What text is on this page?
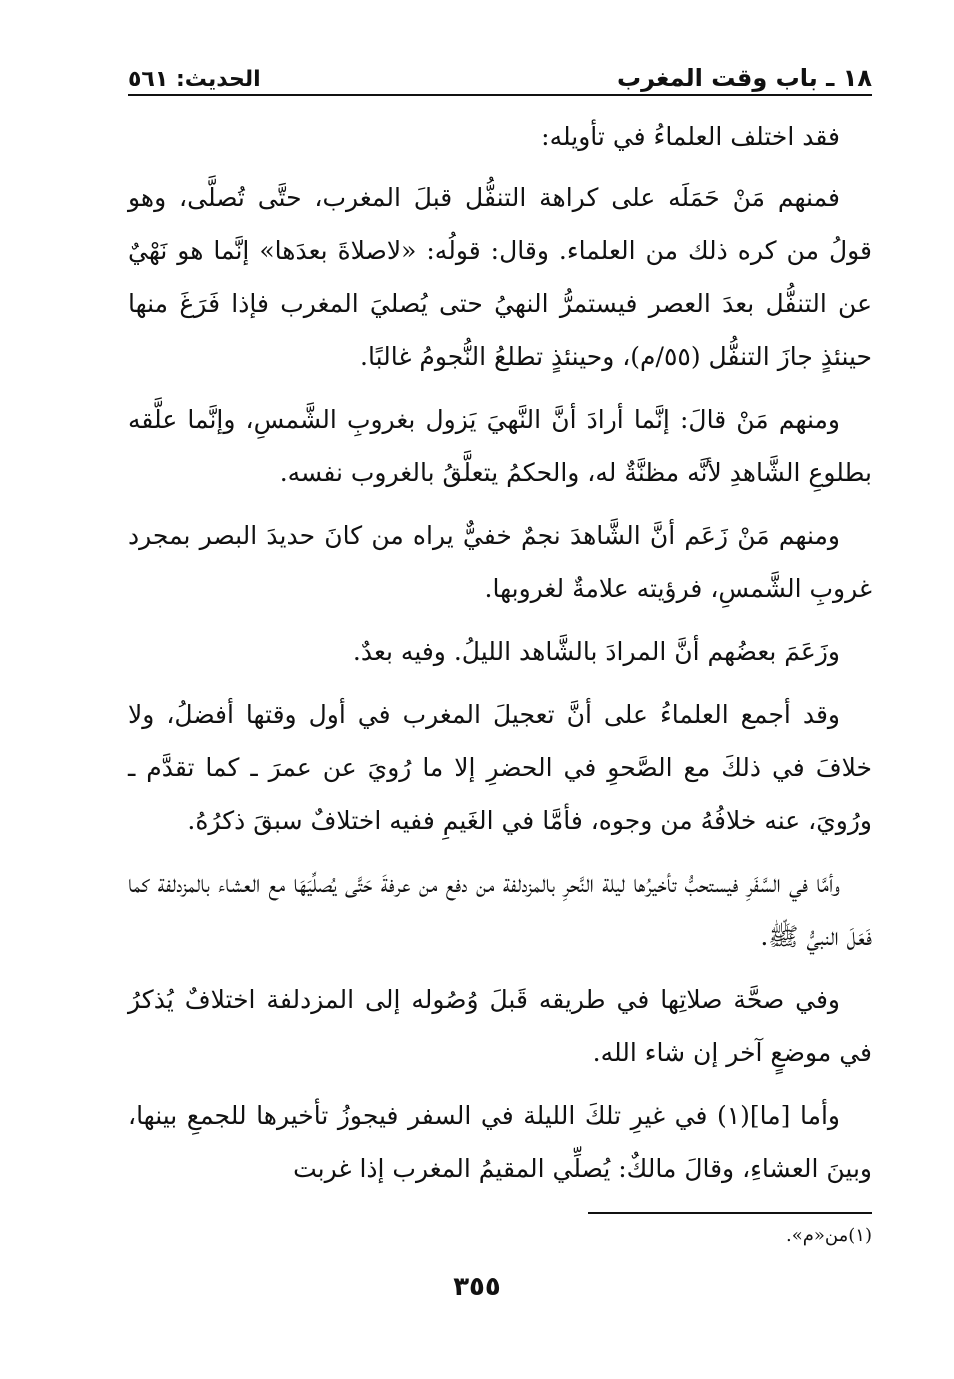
١٨ ـ باب وقت المغرب
الحديث: ٥٦١

فقد اختلف العلماءُ في تأويله:

فمنهم مَنْ حَمَلَه على كراهة التنفُّل قبلَ المغرب، حتَّى تُصلَّى، وهو قولُ من كره ذلك من العلماء. وقال: قولُه: «لاصلاةَ بعدَها» إنَّما هو نَهْيٌ عن التنفُّل بعدَ العصر فيستمرُّ النهيُ حتى يُصليَ المغرب فإذا فَرَغَ منها حينئذٍ جازَ التنفُّل (٥٥/م)، وحينئذٍ تطلعُ النُّجومُ غالبًا.

ومنهم مَنْ قالَ: إنَّما أرادَ أنَّ النَّهيَ يَزول بغروبِ الشَّمسِ، وإنَّما علَّقه بطلوعِ الشَّاهدِ لأنَّه مظنَّةٌ له، والحكمُ يتعلَّقُ بالغروب نفسه.

ومنهم مَنْ زَعَم أنَّ الشَّاهدَ نجمٌ خفيٌّ يراه من كانَ حديدَ البصر بمجرد غروبِ الشَّمسِ، فرؤيته علامةٌ لغروبها.

وزَعَمَ بعضُهم أنَّ المرادَ بالشَّاهد الليلُ. وفيه بعدٌ.

وقد أجمع العلماءُ على أنَّ تعجيلَ المغرب في أول وقتها أفضلُ، ولا خلافَ في ذلكَ مع الصَّحوِ في الحضرِ إلا ما رُويَ عن عمرَ ـ كما تقدَّم ـ ورُويَ، عنه خلافُهُ من وجوه، فأمَّا في الغَيمِ ففيه اختلافٌ سبقَ ذكرُهُ.

وأمَّا في السَّفَرِ فيستحبُّ تأخيرُها ليلة النَّحرِ بالمزدلفة من دفع من عرفةَ حَتَّى يُصلِّيَهَا مع العشاء بالمزدلفة كما فَعَلَ النبيُّ ﷺ.

وفي صحَّة صلاتِها في طريقه قَبلَ وُصُوله إلى المزدلفة اختلافٌ يُذكرُ في موضعٍ آخر إن شاء الله.

وأما [ما](١) في غيرِ تلكَ الليلة في السفر فيجوزُ تأخيرها للجمعِ بينها، وبينَ العشاءِ، وقالَ مالكٌ: يُصلِّي المقيمُ المغرب إذا غربت

(١)من«م».
٣٥٥
